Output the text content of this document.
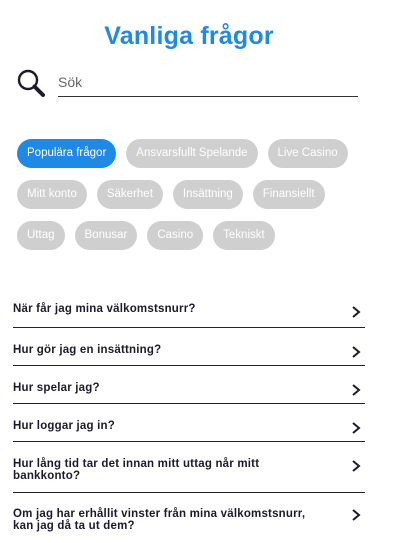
Vanliga frågor
Sök
Populära frågor	Ansvarsfullt Spelande	Live Casino
Mitt konto	Säkerhet	Insättning	Finansiellt
Uttag	Bonusar	Casino	Tekniskt
När får jag mina välkomstsnurr?
Hur gör jag en insättning?
Hur spelar jag?
Hur loggar jag in?
Hur lång tid tar det innan mitt uttag når mitt bankkonto?
Om jag har erhållit vinster från mina välkomstsnurr, kan jag då ta ut dem?
